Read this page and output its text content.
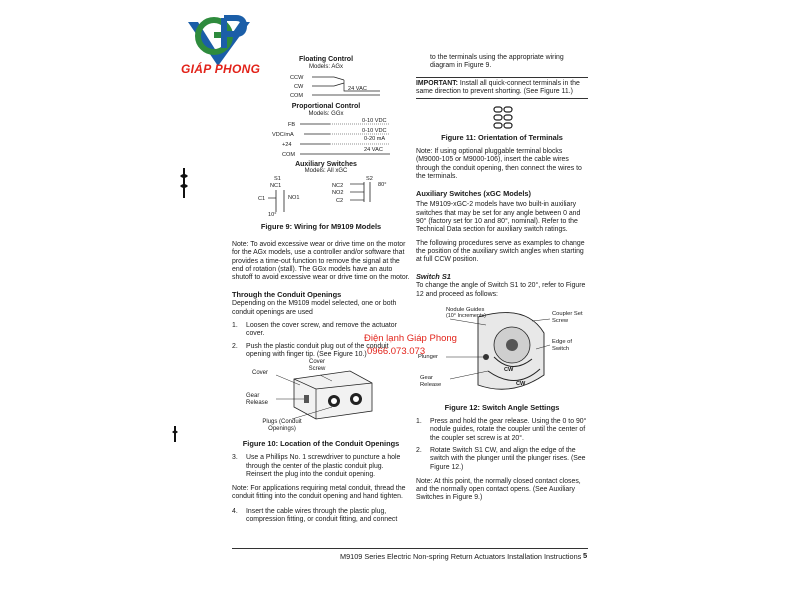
GIÁP PHONG
Floating Control
Models: AGx
CCW
CW
COM
24 VAC
Proportional Control
Models: GGx
FB
VDC/mA
+24
COM
0-10 VDC
0-10 VDC
0-20 mA
24 VAC
Auxiliary Switches
Models: All xGC
S1	S2
NC1
NO1
C1
NC2
NO2
C2
80°
10°
Figure 9: Wiring for M9109 Models
Note: To avoid excessive wear or drive time on the motor for the AGx models, use a controller and/or software that provides a time-out function to remove the signal at the end of rotation (stall). The GGx models have an auto shutoff to avoid excessive wear or drive time on the motor.
Through the Conduit Openings
Depending on the M9109 model selected, one or both conduit openings are used
1.	Loosen the cover screw, and remove the actuator cover.
2.	Push the plastic conduit plug out of the conduit opening with finger tip. (See Figure 10.)
Cover
Cover Screw
Gear Release
Plugs (Conduit Openings)
Figure 10: Location of the Conduit Openings
3.	Use a Phillips No. 1 screwdriver to puncture a hole through the center of the plastic conduit plug. Reinsert the plug into the conduit opening.
Note: For applications requiring metal conduit, thread the conduit fitting into the conduit opening and hand tighten.
4.	Insert the cable wires through the plastic plug, compression fitting, or conduit fitting, and connect
to the terminals using the appropriate wiring diagram in Figure 9.
IMPORTANT: Install all quick-connect terminals in the same direction to prevent shorting. (See Figure 11.)
Figure 11: Orientation of Terminals
Note: If using optional pluggable terminal blocks (M9000-105 or M9000-106), insert the cable wires through the conduit opening, then connect the wires to the terminals.
Auxiliary Switches (xGC Models)
The M9109-xGC-2 models have two built-in auxiliary switches that may be set for any angle between 0 and 90° (factory set for 10 and 80°, nominal). Refer to the Technical Data section for auxiliary switch ratings.
The following procedures serve as examples to change the position of the auxiliary switch angles when starting at full CCW position.
Switch S1
To change the angle of Switch S1 to 20°, refer to Figure 12 and proceed as follows:
CW
CW
Nodule Guides
(10° Increments)	Coupler Set Screw
Edge of Switch
Plunger
Gear Release
Figure 12: Switch Angle Settings
1.	Press and hold the gear release. Using the 0 to 90° nodule guides, rotate the coupler until the center of the coupler set screw is at 20°.
2.	Rotate Switch S1 CW, and align the edge of the switch with the plunger until the plunger rises. (See Figure 12.)
Note: At this point, the normally closed contact closes, and the normally open contact opens. (See Auxiliary Switches in Figure 9.)
Điện lạnh Giáp Phong
0966.073.073
M9109 Series Electric Non-spring Return Actuators Installation Instructions 5
